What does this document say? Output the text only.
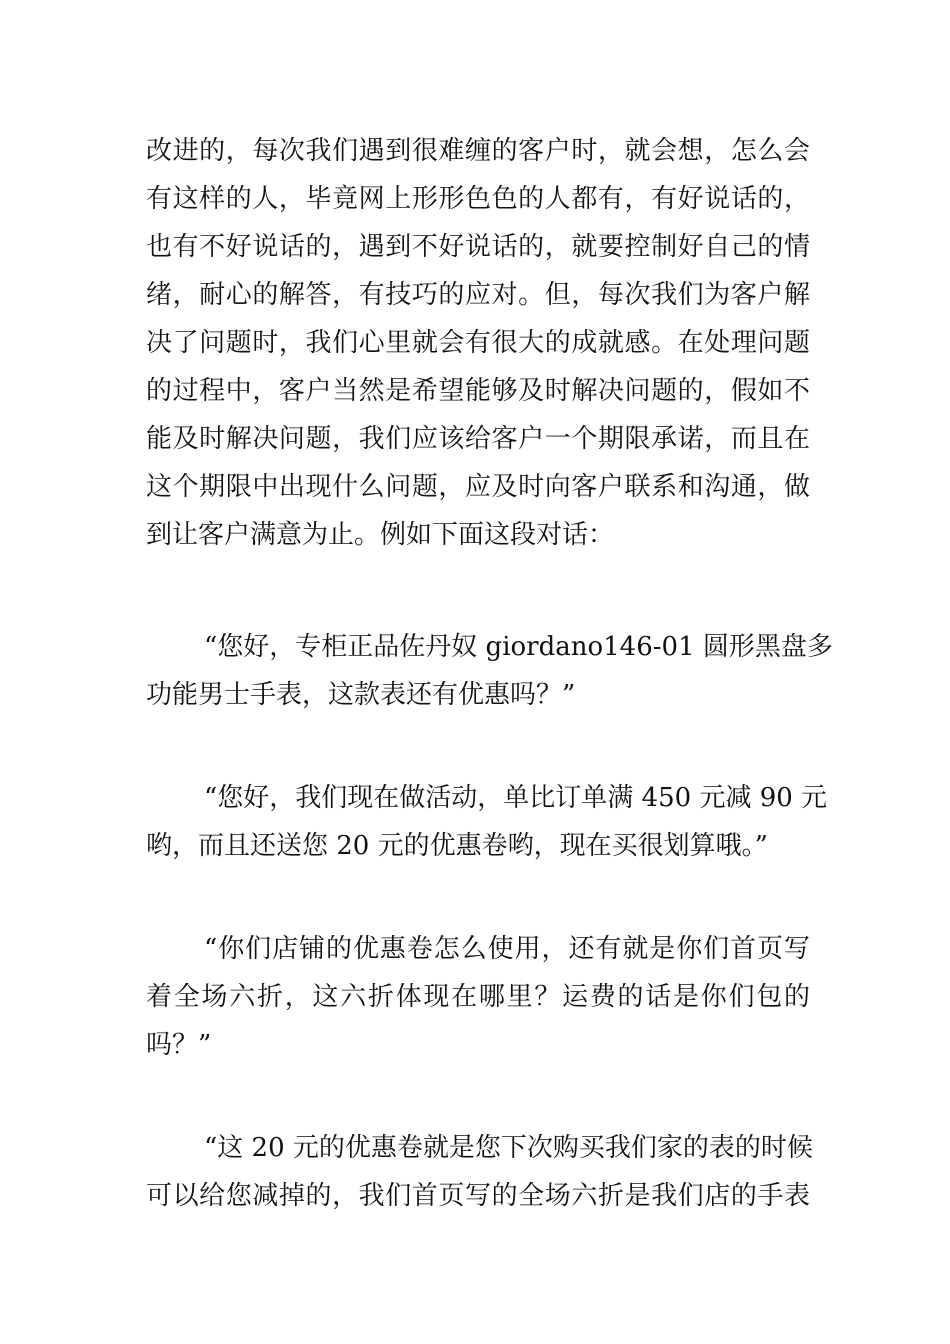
改进的，每次我们遇到很难缠的客户时，就会想，怎么会
有这样的人，毕竟网上形形色色的人都有，有好说话的，
也有不好说话的，遇到不好说话的，就要控制好自己的情
绪，耐心的解答，有技巧的应对。但，每次我们为客户解
决了问题时，我们心里就会有很大的成就感。在处理问题
的过程中，客户当然是希望能够及时解决问题的，假如不
能及时解决问题，我们应该给客户一个期限承诺，而且在
这个期限中出现什么问题，应及时向客户联系和沟通，做
到让客户满意为止。例如下面这段对话：
“您好，专柜正品佐丹奴 giordano146-01 圆形黑盘多
功能男士手表，这款表还有优惠吗？”
“您好，我们现在做活动，单比订单满 450 元减 90 元
哟，而且还送您 20 元的优惠卷哟，现在买很划算哦。”
“你们店铺的优惠卷怎么使用，还有就是你们首页写
着全场六折，这六折体现在哪里？运费的话是你们包的
吗？”
“这 20 元的优惠卷就是您下次购买我们家的表的时候
可以给您减掉的，我们首页写的全场六折是我们店的手表
